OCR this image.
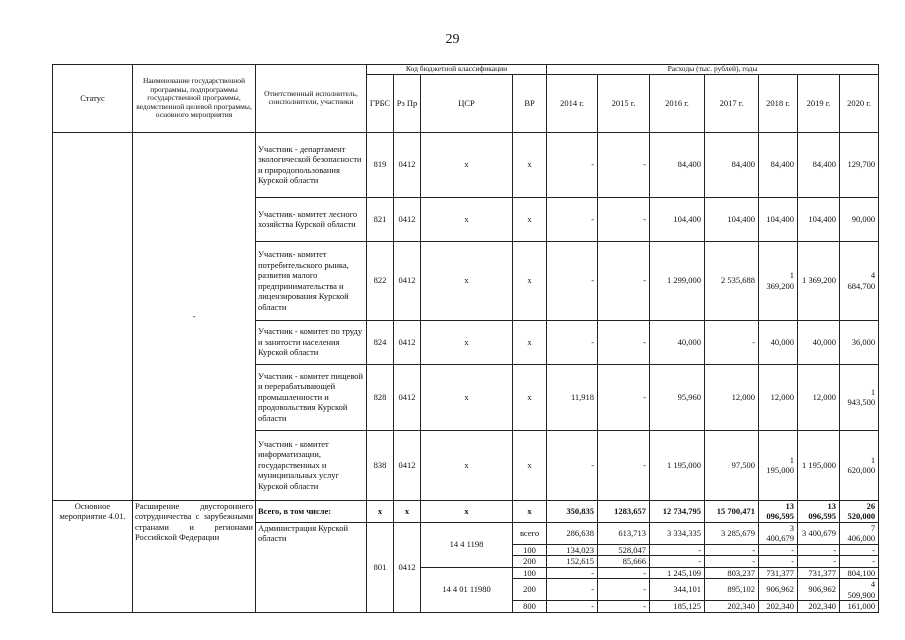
29
Статус	Наименование государственной программы, подпрограммы государственной программы, ведомственной целевой программы, основного мероприятия	Ответственный исполнитель, соисполнители, участники	Код бюджетной классификации				Расходы (тыс. рублей), годы						
			ГРБС	Рз Пр	ЦСР	ВР	2014 г.	2015 г.	2016 г.	2017 г.	2018 г.	2019 г.	2020 г.
	-	Участник - департамент экологической безопасности и природопользования Курской области	819	0412	х	х	-	-	84,400	84,400	84,400	84,400	129,700
		Участник- комитет лесного хозяйства Курской области	821	0412	х	х	-	-	104,400	104,400	104,400	104,400	90,000
		Участник- комитет потребительского рынка, развития малого предпринимательства и лицензирования Курской области	822	0412	х	х	-	-	1 299,000	2 535,688	1 369,200	1 369,200	4 684,700
		Участник - комитет по труду и занятости населения Курской области	824	0412	х	х	-	-	40,000	-	40,000	40,000	36,000
		Участник - комитет пищевой и перерабатывающей промышленности и продовольствия Курской области	828	0412	х	х	11,918	-	95,960	12,000	12,000	12,000	1 943,500
		Участник - комитет информатизации, государственных и муниципальных услуг Курской области	838	0412	х	х	-	-	1 195,000	97,500	1 195,000	1 195,000	1 620,000
Основное мероприятие 4.01.	Расширение двустороннего сотрудничества с зарубежными странами и регионами Российской Федерации	Всего, в том числе:	х	х	х	х	350,835	1283,657	12 734,795	15 700,471	13 096,595	13 096,595	26 520,000
		Администрация Курской области	801	0412	14 4 1198	всего	286,638	613,713	3 334,335	3 285,679	3 400,679	3 400,679	7 406,000
						100	134,023	528,047	-	-	-	-	-
						200	152,615	85,666	-	-	-	-	-
					14 4 01 11980	100	-	-	1 245,109	803,237	731,377	731,377	804,100
						200	-	-	344,101	895,102	906,962	906,962	4 509,900
						800	-	-	185,125	202,340	202,340	202,340	161,000
